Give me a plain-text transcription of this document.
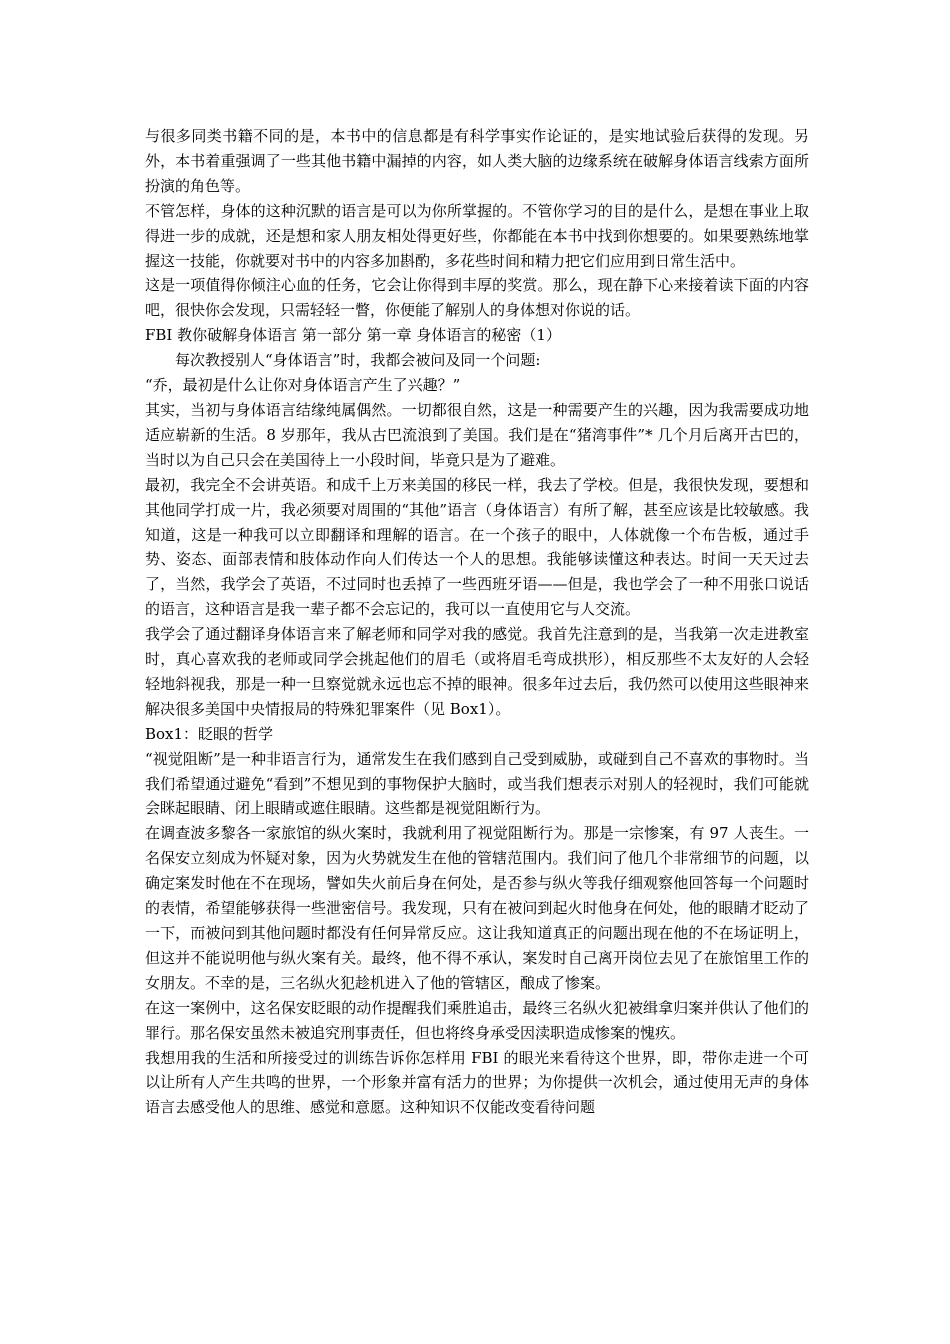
与很多同类书籍不同的是，本书中的信息都是有科学事实作论证的，是实地试验后获得的发现。另外，本书着重强调了一些其他书籍中漏掉的内容，如人类大脑的边缘系统在破解身体语言线索方面所扮演的角色等。

不管怎样，身体的这种沉默的语言是可以为你所掌握的。不管你学习的目的是什么，是想在事业上取得进一步的成就，还是想和家人朋友相处得更好些，你都能在本书中找到你想要的。如果要熟练地掌握这一技能，你就要对书中的内容多加斟酌，多花些时间和精力把它们应用到日常生活中。

这是一项值得你倾注心血的任务，它会让你得到丰厚的奖赏。那么，现在静下心来接着读下面的内容吧，很快你会发现，只需轻轻一瞥，你便能了解别人的身体想对你说的话。

FBI 教你破解身体语言 第一部分 第一章 身体语言的秘密（1）

每次教授别人“身体语言”时，我都会被问及同一个问题:

“乔，最初是什么让你对身体语言产生了兴趣？”

其实，当初与身体语言结缘纯属偶然。一切都很自然，这是一种需要产生的兴趣，因为我需要成功地适应崭新的生活。8 岁那年，我从古巴流浪到了美国。我们是在“猪湾事件”* 几个月后离开古巴的，当时以为自己只会在美国待上一小段时间，毕竟只是为了避难。

最初，我完全不会讲英语。和成千上万来美国的移民一样，我去了学校。但是，我很快发现，要想和其他同学打成一片，我必须要对周围的“其他”语言（身体语言）有所了解，甚至应该是比较敏感。我知道，这是一种我可以立即翻译和理解的语言。在一个孩子的眼中，人体就像一个布告板，通过手势、姿态、面部表情和肢体动作向人们传达一个人的思想。我能够读懂这种表达。时间一天天过去了，当然，我学会了英语，不过同时也丢掉了一些西班牙语——但是，我也学会了一种不用张口说话的语言，这种语言是我一辈子都不会忘记的，我可以一直使用它与人交流。

我学会了通过翻译身体语言来了解老师和同学对我的感觉。我首先注意到的是，当我第一次走进教室时，真心喜欢我的老师或同学会挑起他们的眉毛（或将眉毛弯成拱形），相反那些不太友好的人会轻轻地斜视我，那是一种一旦察觉就永远也忘不掉的眼神。很多年过去后，我仍然可以使用这些眼神来解决很多美国中央情报局的特殊犯罪案件（见 Box1）。

Box1：眨眼的哲学

“视觉阻断”是一种非语言行为，通常发生在我们感到自己受到威胁，或碰到自己不喜欢的事物时。当我们希望通过避免“看到”不想见到的事物保护大脑时，或当我们想表示对别人的轻视时，我们可能就会眯起眼睛、闭上眼睛或遮住眼睛。这些都是视觉阻断行为。

在调查波多黎各一家旅馆的纵火案时，我就利用了视觉阻断行为。那是一宗惨案，有 97 人丧生。一名保安立刻成为怀疑对象，因为火势就发生在他的管辖范围内。我们问了他几个非常细节的问题，以确定案发时他在不在现场，譬如失火前后身在何处，是否参与纵火等我仔细观察他回答每一个问题时的表情，希望能够获得一些泄密信号。我发现，只有在被问到起火时他身在何处，他的眼睛才眨动了一下，而被问到其他问题时都没有任何异常反应。这让我知道真正的问题出现在他的不在场证明上，但这并不能说明他与纵火案有关。最终，他不得不承认，案发时自己离开岗位去见了在旅馆里工作的女朋友。不幸的是，三名纵火犯趁机进入了他的管辖区，酿成了惨案。

在这一案例中，这名保安眨眼的动作提醒我们乘胜追击，最终三名纵火犯被缉拿归案并供认了他们的罪行。那名保安虽然未被追究刑事责任，但也将终身承受因渎职造成惨案的愧疚。

我想用我的生活和所接受过的训练告诉你怎样用 FBI 的眼光来看待这个世界，即，带你走进一个可以让所有人产生共鸣的世界，一个形象并富有活力的世界；为你提供一次机会，通过使用无声的身体语言去感受他人的思维、感觉和意愿。这种知识不仅能改变看待问题
